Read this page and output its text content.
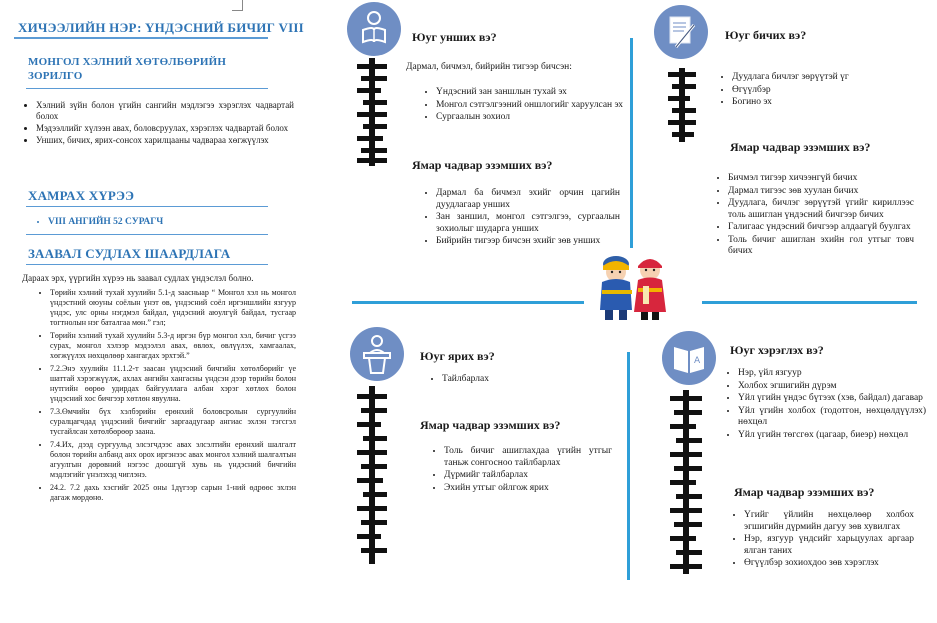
ХИЧЭЭЛИЙН НЭР: ҮНДЭСНИЙ БИЧИГ VIII
МОНГОЛ ХЭЛНИЙ ХӨТӨЛБӨРИЙН ЗОРИЛГО
• Хэлний зүйн болон үгийн сангийн мэдлэгээ хэрэглэх чадвартай болох
• Мэдээллийг хүлээн авах, боловсруулах, хэрэглэх чадвартай болох
• Унших, бичих, ярих-сонсох харилцааны чадвараа хөгжүүлэх
ХАМРАХ ХҮРЭЭ
• VIII АНГИЙН 52 СУРАГЧ
ЗААВАЛ СУДЛАХ ШААРДЛАГА
Дараах эрх, үүргийн хүрээ нь заавал судлах үндэслэл болно.
• Төрийн хэлний тухай хуулийн 5.1-д заасныар “ Монгол хэл нь монгол үндэстний оюуны соёлын үнэт өв, үндэсний соёл иргэншлийн язгуур үндэс, улс орны нэгдмэл байдал, үндэсний аюулгүй байдал, тусгаар тогтнолын нэг баталгаа мөн.” гэл;
• Төрийн хэлний тухай хуулийн 5.3-д иргэн бүр монгол хэл, бичиг үсгээ сурах, монгол хэлээр мэдээлэл авах, өвлөх, өвлүүлэх, хамгаалах, хөгжүүлэх нөхцөлөөр хангагдах эрхтэй.”
• 7.2.Энэ хуулийн 11.1.2-т заасан үндэсний бичгийн хөтөлбөрийг үе шаттай хэрэгжүүлж, ахлах ангийн хангасны үндсэн дээр төрийн болон нутгийн өөрөө удирдах байгууллага албан хэрэг хөтлөх болон үндэсний хос бичгээр хөтлөн явуулна.
• 7.3.Өмчийн бүх хэлбэрийн ерөнхий боловсролын сургуулийн суралцагчдад үндэсний бичгийг заргаадугаар ангиас эхлэн тэгсгэл тусгайлсан хөтөлбөрөөр заана.
• 7.4.Их, дээд сургуульд элсэгчдээс авах элсэлтийн ерөнхий шалгалт болон төрийн албанд анх орох иргэнээс авах монгол хэлний шалгалтын агуулгын дөрөвний нэгээс доошгүй хувь нь үндэсний бичгийн мэдлэгийг үнэлэхэд чиглэнэ.
• 24.2. 7.2 дахь хэсгийг 2025 оны 1дүгээр сарын 1-ний өдрөөс эхлэн дагаж мөрдөнө.
A
Юуг унших вэ?
Дармал, бичмэл, бийрийн тигээр бичсэн:
• Үндэсний зан заншлын тухай эх
• Монгол сэтгэлгээний оншлогийг харуулсан эх
• Сургаалын зохиол
Ямар чадвар эзэмших вэ?
• Дармал ба бичмэл эхийг орчин цагийн дуудлагаар унших
• Зан заншил, монгол сэтгэлгээ, сургаалын зохиолыг шударга унших
• Бийрийн тигээр бичсэн эхийг зөв унших
Юуг бичих вэ?
• Дуудлага бичлэг зөрүүтэй үг
• Өгүүлбэр
• Богино эх
Ямар чадвар эзэмших вэ?
• Бичмэл тигээр хичээнгүй бичих
• Дармал тигээс зөв хуулан бичих
• Дуудлага, бичлэг зөрүүтэй үгийг кириллээс толь ашиглан үндэсний бичгээр бичих
• Галигаас үндэсний бичгээр алдаагүй буулгах
• Толь бичиг ашиглан эхийн гол утгыг товч бичих
Юуг ярих вэ?
• Тайлбарлах
Ямар чадвар эзэмших вэ?
• Толь бичиг ашиглахдаа үгийн утгыг таньж сонгосноо тайлбарлах
• Дүрмийг тайлбарлах
• Эхийн утгыг ойлгож ярих
Юуг хэрэглэх вэ?
• Нэр, үйл язгуур
• Холбох эгшигийн дүрэм
• Үйл үгийн үндэс бүтээх (хэв, байдал) дагавар
• Үйл үгийн холбох (тодотгон, нөхцөлдүүлэх) нөхцөл
• Үйл үгийн төгсгөх (цагаар, биеэр) нөхцөл
Ямар чадвар эзэмших вэ?
• Үгийг үйлийн нөхцөлөөр холбох эгшигийн дүрмийн дагуу зөв хувилгах
• Нэр, язгуур үндсийг харьцуулах аргаар ялган таних
• Өгүүлбэр зохиохдоо зөв хэрэглэх
